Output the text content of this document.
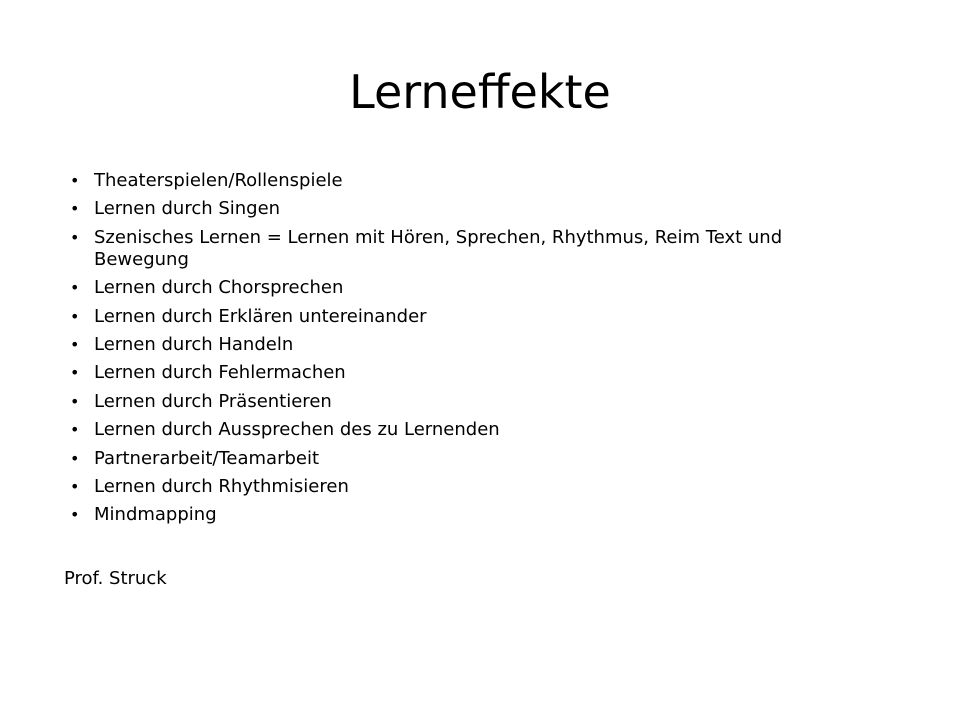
Lerneffekte
• Theaterspielen/Rollenspiele
• Lernen durch Singen
• Szenisches Lernen = Lernen mit Hören, Sprechen, Rhythmus, Reim Text und Bewegung
• Lernen durch Chorsprechen
• Lernen durch Erklären untereinander
• Lernen durch Handeln
• Lernen durch Fehlermachen
• Lernen durch Präsentieren
• Lernen durch Aussprechen des zu Lernenden
• Partnerarbeit/Teamarbeit
• Lernen durch Rhythmisieren
• Mindmapping

Prof. Struck
